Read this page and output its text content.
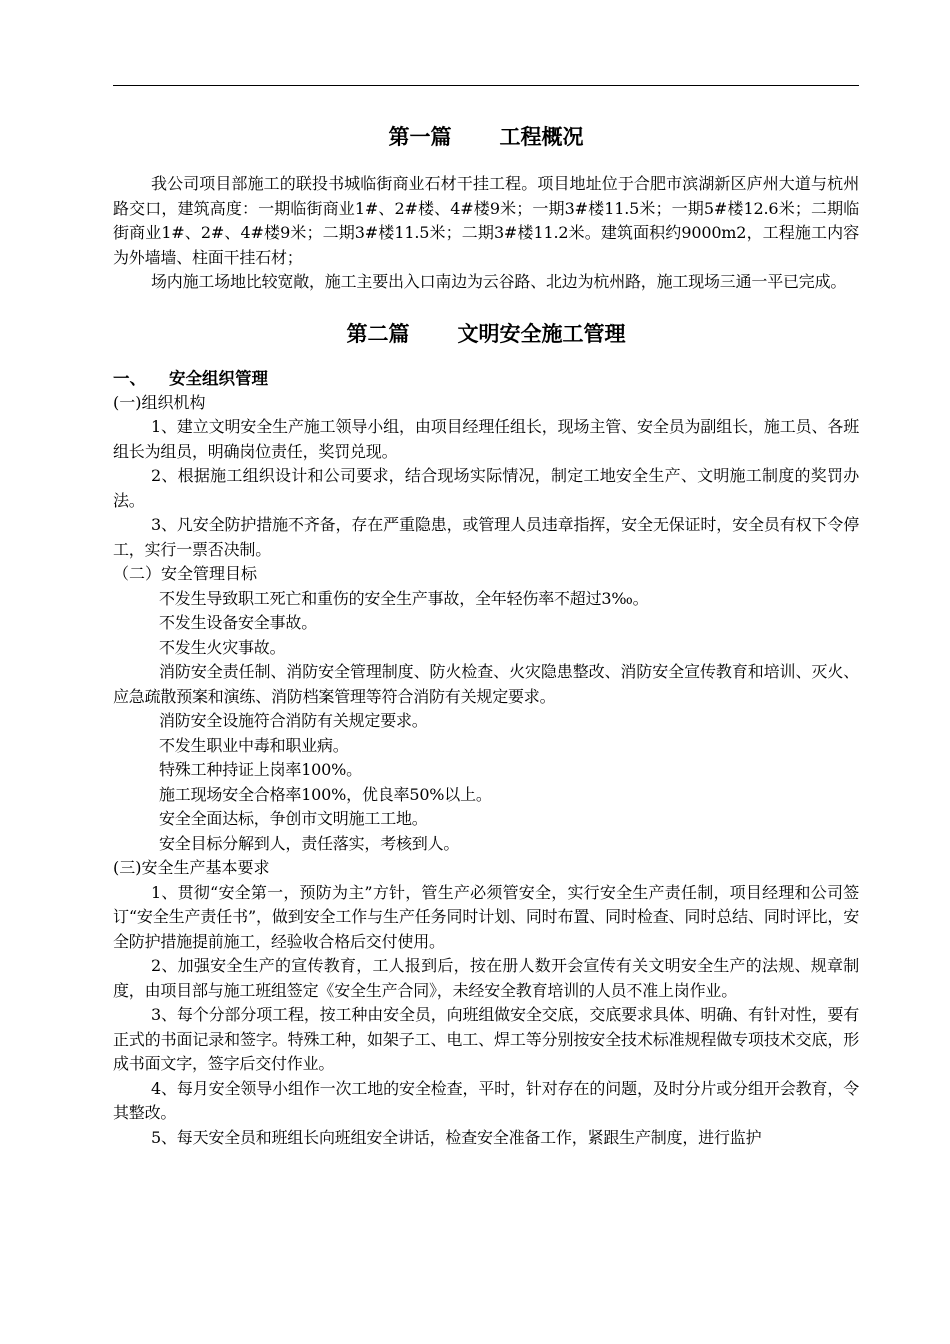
第一篇 工程概况

我公司项目部施工的联投书城临街商业石材干挂工程。项目地址位于合肥市滨湖新区庐州大道与杭州路交口，建筑高度：一期临街商业1#、2#楼、4#楼9米；一期3#楼11.5米；一期5#楼12.6米；二期临街商业1#、2#、4#楼9米；二期3#楼11.5米；二期3#楼11.2米。建筑面积约9000m2，工程施工内容为外墙墙、柱面干挂石材；

场内施工场地比较宽敞，施工主要出入口南边为云谷路、北边为杭州路，施工现场三通一平已完成。

第二篇 文明安全施工管理

一、 安全组织管理

(一)组织机构

1、建立文明安全生产施工领导小组，由项目经理任组长，现场主管、安全员为副组长，施工员、各班组长为组员，明确岗位责任，奖罚兑现。

2、根据施工组织设计和公司要求，结合现场实际情况，制定工地安全生产、文明施工制度的奖罚办法。

3、凡安全防护措施不齐备，存在严重隐患，或管理人员违章指挥，安全无保证时，安全员有权下令停工，实行一票否决制。

（二）安全管理目标

不发生导致职工死亡和重伤的安全生产事故，全年轻伤率不超过3‰。

不发生设备安全事故。

不发生火灾事故。

消防安全责任制、消防安全管理制度、防火检查、火灾隐患整改、消防安全宣传教育和培训、灭火、应急疏散预案和演练、消防档案管理等符合消防有关规定要求。

消防安全设施符合消防有关规定要求。

不发生职业中毒和职业病。

特殊工种持证上岗率100%。

施工现场安全合格率100%，优良率50%以上。

安全全面达标，争创市文明施工工地。

安全目标分解到人，责任落实，考核到人。

(三)安全生产基本要求

1、贯彻“安全第一，预防为主”方针，管生产必须管安全，实行安全生产责任制，项目经理和公司签订“安全生产责任书”，做到安全工作与生产任务同时计划、同时布置、同时检查、同时总结、同时评比，安全防护措施提前施工，经验收合格后交付使用。

2、加强安全生产的宣传教育，工人报到后，按在册人数开会宣传有关文明安全生产的法规、规章制度，由项目部与施工班组签定《安全生产合同》，未经安全教育培训的人员不准上岗作业。

3、每个分部分项工程，按工种由安全员，向班组做安全交底，交底要求具体、明确、有针对性，要有正式的书面记录和签字。特殊工种，如架子工、电工、焊工等分别按安全技术标准规程做专项技术交底，形成书面文字，签字后交付作业。

4、每月安全领导小组作一次工地的安全检查，平时，针对存在的问题，及时分片或分组开会教育，令其整改。

5、每天安全员和班组长向班组安全讲话，检查安全准备工作，紧跟生产制度，进行监护
